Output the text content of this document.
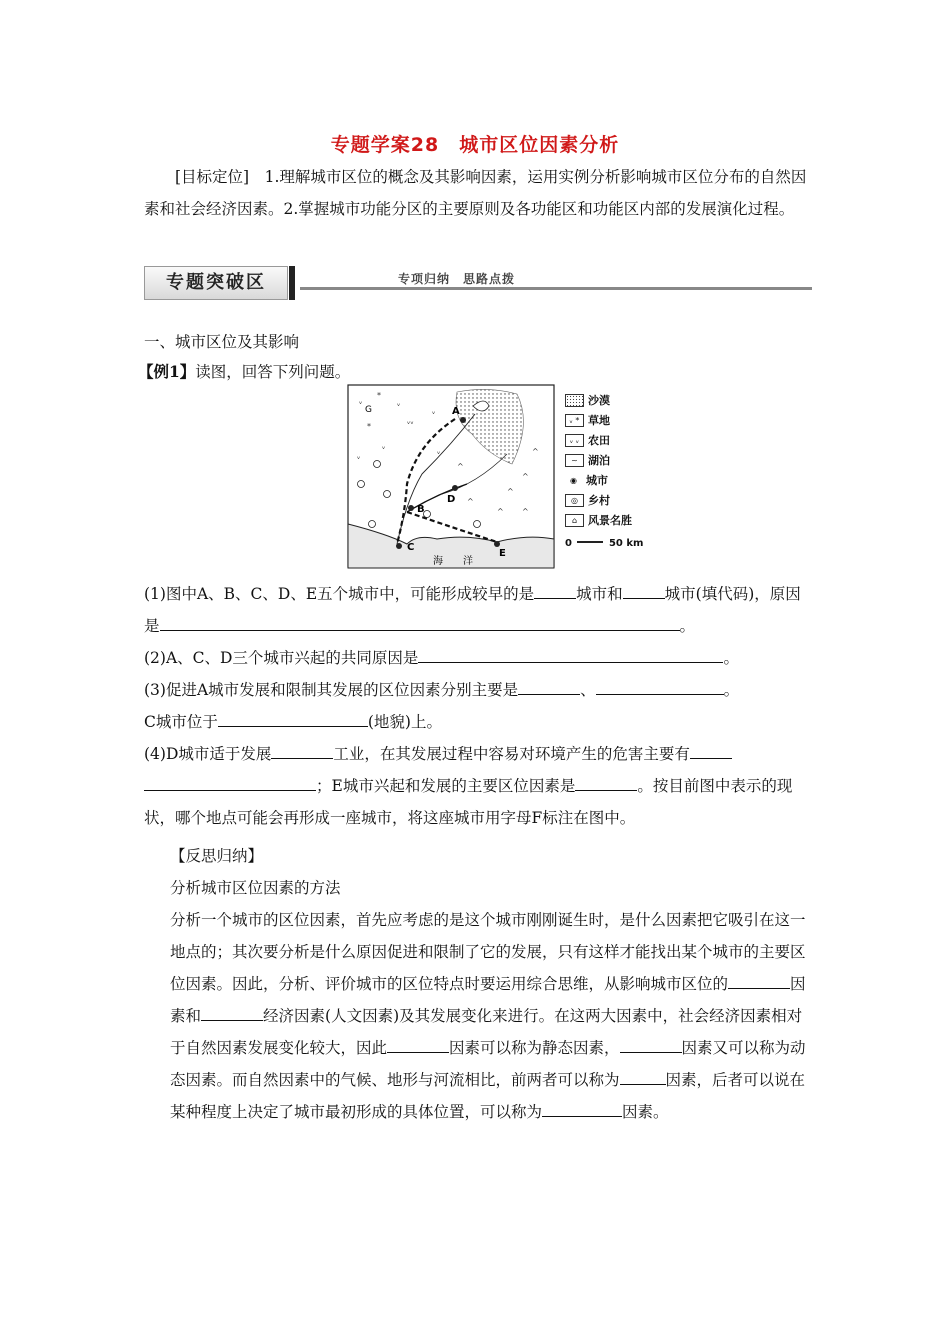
专题学案28　城市区位因素分析

[目标定位]　1.理解城市区位的概念及其影响因素，运用实例分析影响城市区位分布的自然因素和社会经济因素。2.掌握城市功能分区的主要原则及各功能区和功能区内部的发展演化过程。

专题突破区	专项归纳　思路点拨

一、城市区位及其影响

【例1】读图，回答下列问题。

ᵥ
*
ᵥ
*
ᵥᵥ
ᵥ
ᵥ
ᵥ
ᵥ
^
^
^
^
^
^
^
A
B
C
D
E
G
海　　洋
沙漠
ᵥ * 草地
ᵥ ᵥ 农田
~ 湖泊
◉ 城市
◎ 乡村
⌂ 风景名胜
0	50 km

(1)图中A、B、C、D、E五个城市中，可能形成较早的是	城市和	城市(填代码)，原因是	。

(2)A、C、D三个城市兴起的共同原因是	。

(3)促进A城市发展和限制其发展的区位因素分别主要是	、	。
C城市位于	(地貌)上。

(4)D城市适于发展	工业，在其发展过程中容易对环境产生的危害主要有
；E城市兴起和发展的主要区位因素是	。按目前图中表示的现状，哪个地点可能会再形成一座城市，将这座城市用字母F标注在图中。

【反思归纳】

分析城市区位因素的方法

分析一个城市的区位因素，首先应考虑的是这个城市刚刚诞生时，是什么因素把它吸引在这一地点的；其次要分析是什么原因促进和限制了它的发展，只有这样才能找出某个城市的主要区位因素。因此，分析、评价城市的区位特点时要运用综合思维，从影响城市区位的	因素和	经济因素(人文因素)及其发展变化来进行。在这两大因素中，社会经济因素相对于自然因素发展变化较大，因此	因素可以称为静态因素，	因素又可以称为动态因素。而自然因素中的气候、地形与河流相比，前两者可以称为	因素，后者可以说在某种程度上决定了城市最初形成的具体位置，可以称为	因素。
